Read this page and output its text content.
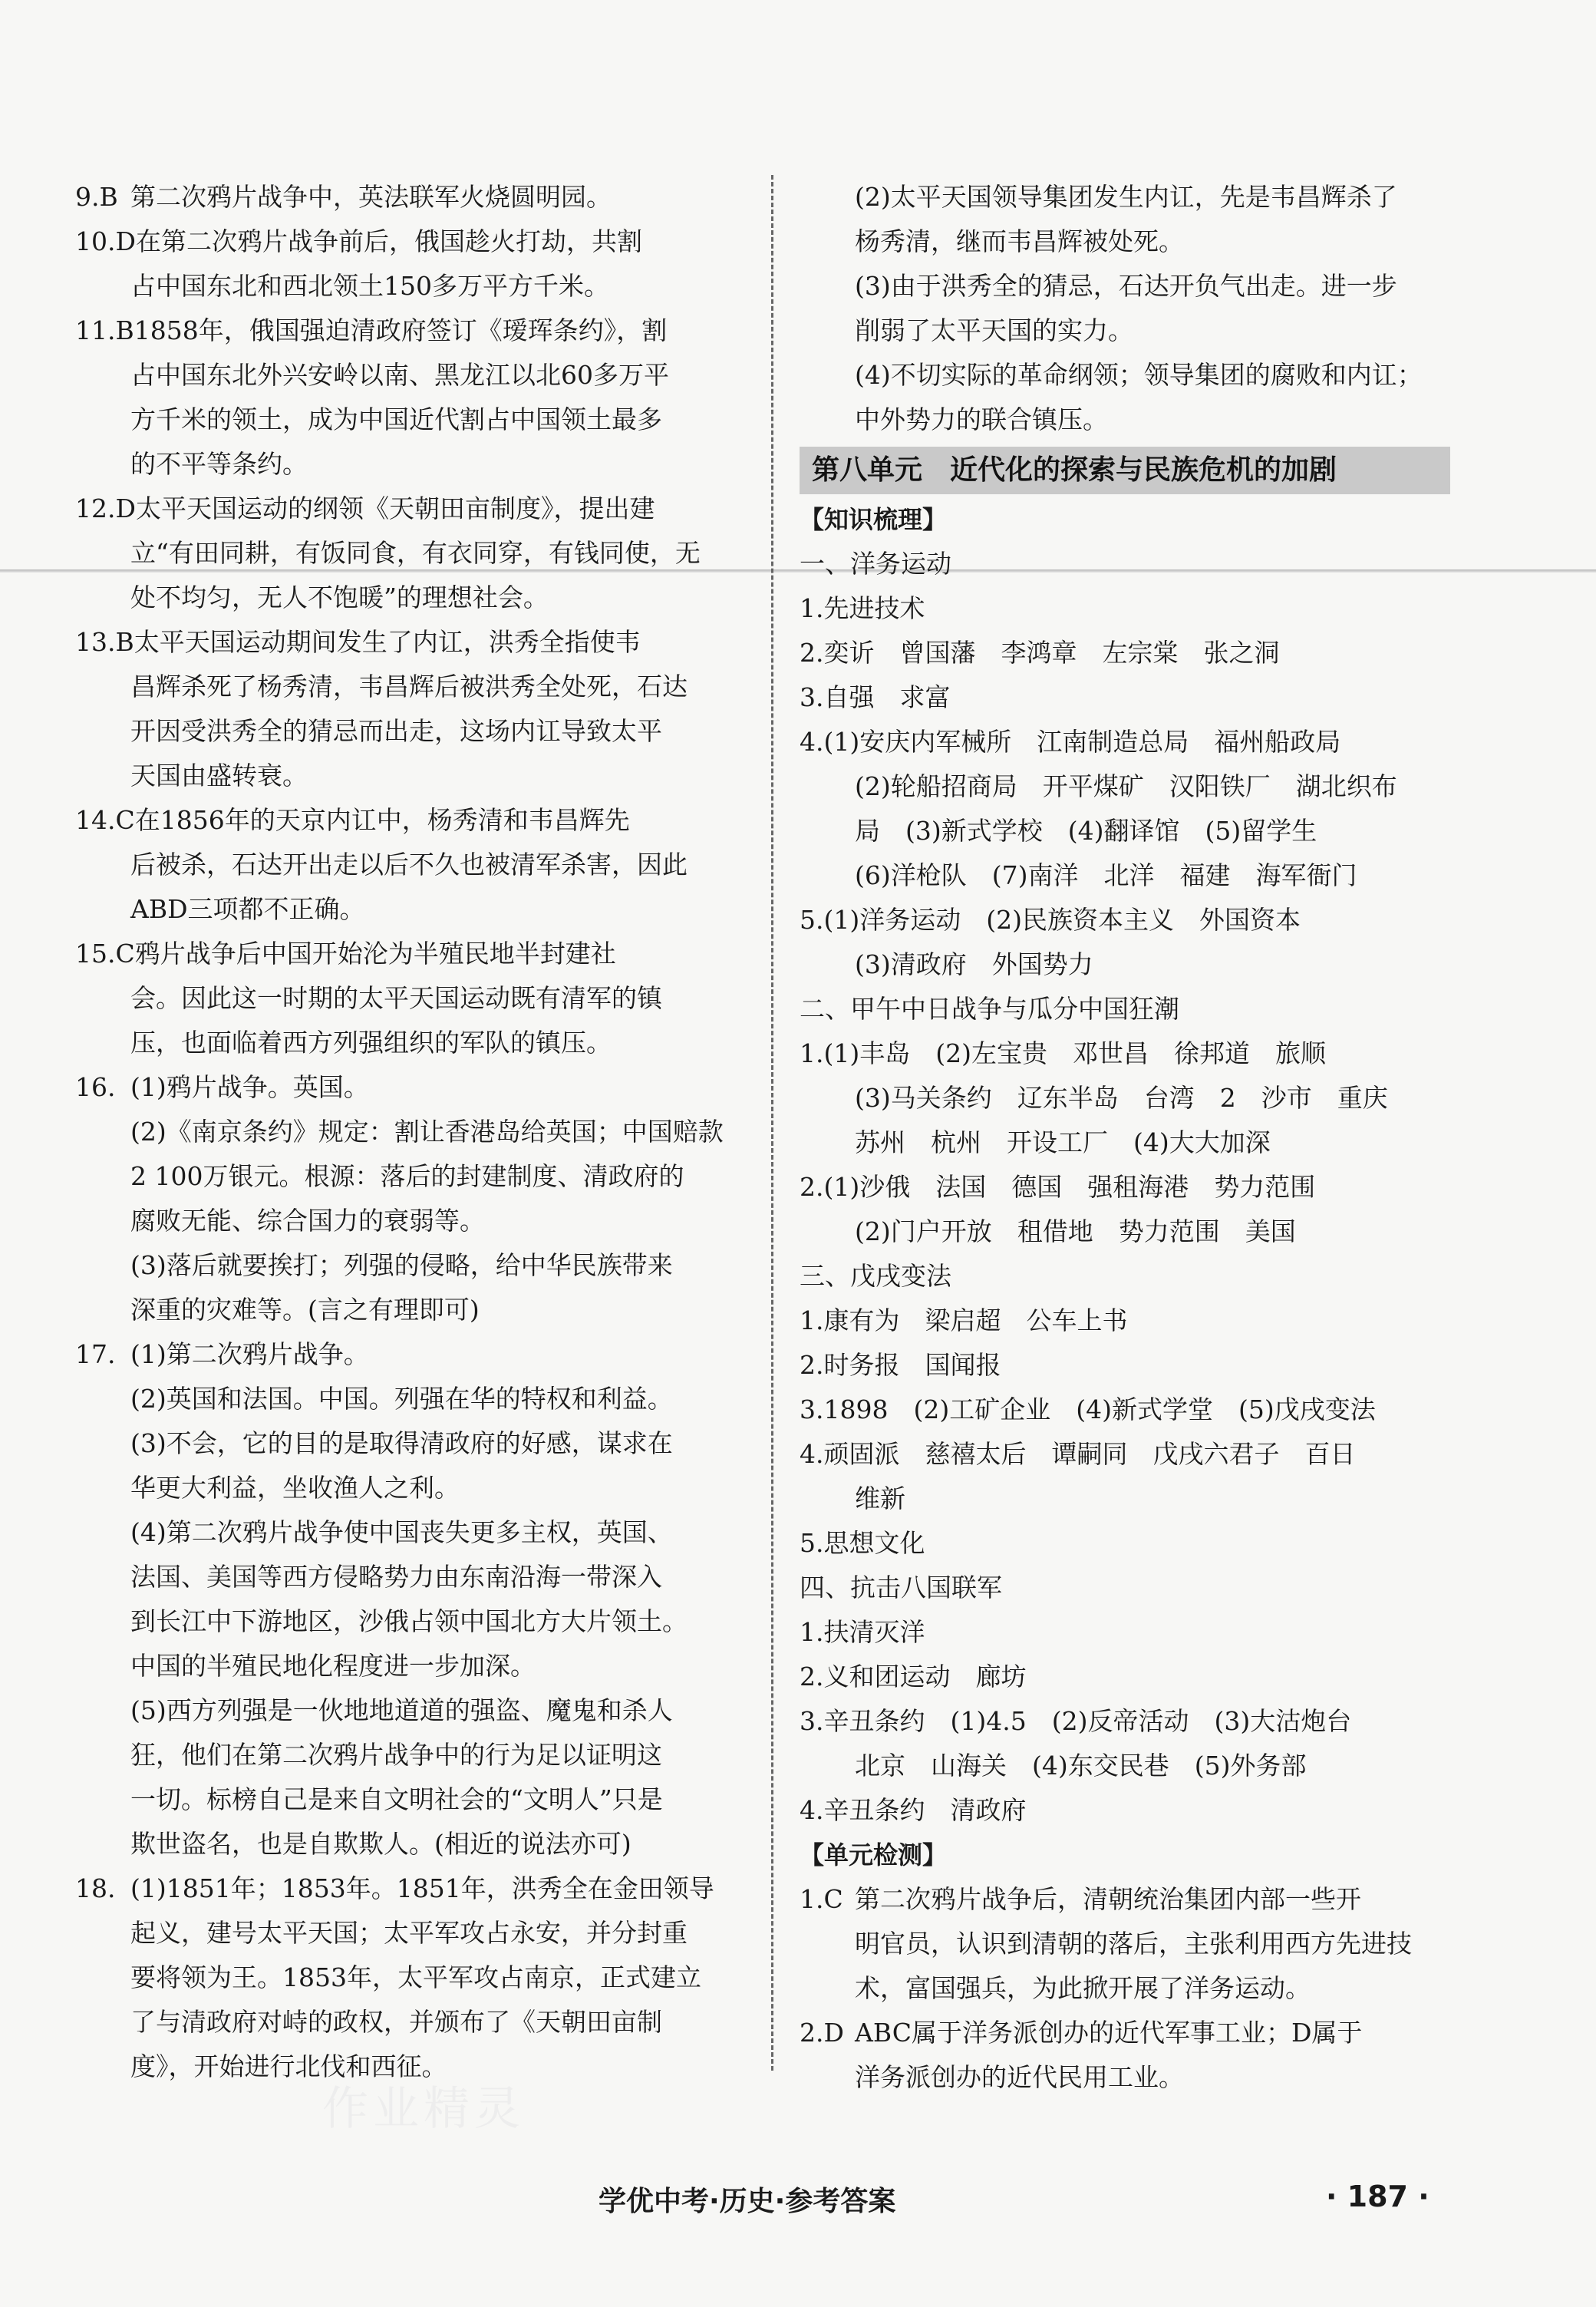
9.B 第二次鸦片战争中，英法联军火烧圆明园。
10.D在第二次鸦片战争前后，俄国趁火打劫，共割
占中国东北和西北领土150多万平方千米。
11.B1858年，俄国强迫清政府签订《瑷珲条约》，割
占中国东北外兴安岭以南、黑龙江以北60多万平
方千米的领土，成为中国近代割占中国领土最多
的不平等条约。
12.D太平天国运动的纲领《天朝田亩制度》，提出建
立“有田同耕，有饭同食，有衣同穿，有钱同使，无
处不均匀，无人不饱暖”的理想社会。
13.B太平天国运动期间发生了内讧，洪秀全指使韦
昌辉杀死了杨秀清，韦昌辉后被洪秀全处死，石达
开因受洪秀全的猜忌而出走，这场内讧导致太平
天国由盛转衰。
14.C在1856年的天京内讧中，杨秀清和韦昌辉先
后被杀，石达开出走以后不久也被清军杀害，因此
ABD三项都不正确。
15.C鸦片战争后中国开始沦为半殖民地半封建社
会。因此这一时期的太平天国运动既有清军的镇
压，也面临着西方列强组织的军队的镇压。
16. (1)鸦片战争。英国。
(2)《南京条约》规定：割让香港岛给英国；中国赔款
2 100万银元。根源：落后的封建制度、清政府的
腐败无能、综合国力的衰弱等。
(3)落后就要挨打；列强的侵略，给中华民族带来
深重的灾难等。(言之有理即可)
17. (1)第二次鸦片战争。
(2)英国和法国。中国。列强在华的特权和利益。
(3)不会，它的目的是取得清政府的好感，谋求在
华更大利益，坐收渔人之利。
(4)第二次鸦片战争使中国丧失更多主权，英国、
法国、美国等西方侵略势力由东南沿海一带深入
到长江中下游地区，沙俄占领中国北方大片领土。
中国的半殖民地化程度进一步加深。
(5)西方列强是一伙地地道道的强盗、魔鬼和杀人
狂，他们在第二次鸦片战争中的行为足以证明这
一切。标榜自己是来自文明社会的“文明人”只是
欺世盗名，也是自欺欺人。(相近的说法亦可)
18. (1)1851年；1853年。1851年，洪秀全在金田领导
起义，建号太平天国；太平军攻占永安，并分封重
要将领为王。1853年，太平军攻占南京，正式建立
了与清政府对峙的政权，并颁布了《天朝田亩制
度》，开始进行北伐和西征。
(2)太平天国领导集团发生内讧，先是韦昌辉杀了
杨秀清，继而韦昌辉被处死。
(3)由于洪秀全的猜忌，石达开负气出走。进一步
削弱了太平天国的实力。
(4)不切实际的革命纲领；领导集团的腐败和内讧；
中外势力的联合镇压。
第八单元　近代化的探索与民族危机的加剧
【知识梳理】
一、洋务运动
1.先进技术
2.奕䜣　曾国藩　李鸿章　左宗棠　张之洞
3.自强　求富
4.(1)安庆内军械所　江南制造总局　福州船政局
(2)轮船招商局　开平煤矿　汉阳铁厂　湖北织布
局　(3)新式学校　(4)翻译馆　(5)留学生
(6)洋枪队　(7)南洋　北洋　福建　海军衙门
5.(1)洋务运动　(2)民族资本主义　外国资本
(3)清政府　外国势力
二、甲午中日战争与瓜分中国狂潮
1.(1)丰岛　(2)左宝贵　邓世昌　徐邦道　旅顺
(3)马关条约　辽东半岛　台湾　2　沙市　重庆
苏州　杭州　开设工厂　(4)大大加深
2.(1)沙俄　法国　德国　强租海港　势力范围
(2)门户开放　租借地　势力范围　美国
三、戊戌变法
1.康有为　梁启超　公车上书
2.时务报　国闻报
3.1898　(2)工矿企业　(4)新式学堂　(5)戊戌变法
4.顽固派　慈禧太后　谭嗣同　戊戌六君子　百日
维新
5.思想文化
四、抗击八国联军
1.扶清灭洋
2.义和团运动　廊坊
3.辛丑条约　(1)4.5　(2)反帝活动　(3)大沽炮台
北京　山海关　(4)东交民巷　(5)外务部
4.辛丑条约　清政府
【单元检测】
1.C 第二次鸦片战争后，清朝统治集团内部一些开
明官员，认识到清朝的落后，主张利用西方先进技
术，富国强兵，为此掀开展了洋务运动。
2.D ABC属于洋务派创办的近代军事工业；D属于
洋务派创办的近代民用工业。
作业精灵
学优中考·历史·参考答案	· 187 ·
